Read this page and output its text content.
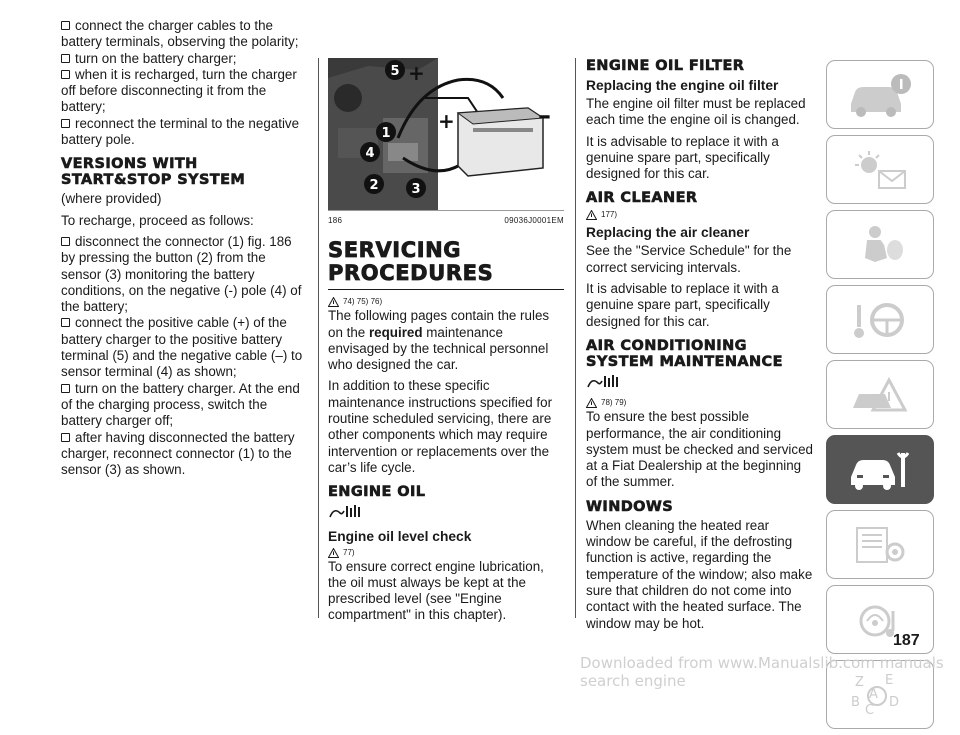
connect the charger cables to the battery terminals, observing the polarity;
turn on the battery charger;
when it is recharged, turn the charger off before disconnecting it from the battery;
reconnect the terminal to the negative battery pole.
VERSIONS WITH START&STOP SYSTEM

(where provided)

To recharge, proceed as follows:

disconnect the connector (1) fig. 186 by pressing the button (2) from the sensor (3) monitoring the battery conditions, on the negative (-) pole (4) of the battery;
connect the positive cable (+) of the battery charger to the positive battery terminal (5) and the negative cable (–) to sensor terminal (4) as shown;
turn on the battery charger. At the end of the charging process, switch the battery charger off;
after having disconnected the battery charger, reconnect connector (1) to the sensor (3) as shown.
+	–
+
5
1
4
2	3
186	09036J0001EM
SERVICING PROCEDURES
74) 75) 76)

The following pages contain the rules on the required maintenance envisaged by the technical personnel who designed the car.

In addition to these specific maintenance instructions specified for routine scheduled servicing, there are other components which may require intervention or replacements over the car’s life cycle.

ENGINE OIL
Engine oil level check
77)

To ensure correct engine lubrication, the oil must always be kept at the prescribed level (see "Engine compartment" in this chapter).

ENGINE OIL FILTER
Replacing the engine oil filter

The engine oil filter must be replaced each time the engine oil is changed.

It is advisable to replace it with a genuine spare part, specifically designed for this car.

AIR CLEANER
177)
Replacing the air cleaner

See the "Service Schedule" for the correct servicing intervals.

It is advisable to replace it with a genuine spare part, specifically designed for this car.

AIR CONDITIONING SYSTEM MAINTENANCE
78) 79)

To ensure the best possible performance, the air conditioning system must be checked and serviced at a Fiat Dealership at the beginning of the summer.

WINDOWS

When cleaning the heated rear window be careful, if the defrosting function is active, regarding the temperature of the window; also make sure that children do not come into contact with the heated surface. The window may be hot.

Z E
A
B D
C
187
Downloaded from www.Manualslib.com manuals search engine
